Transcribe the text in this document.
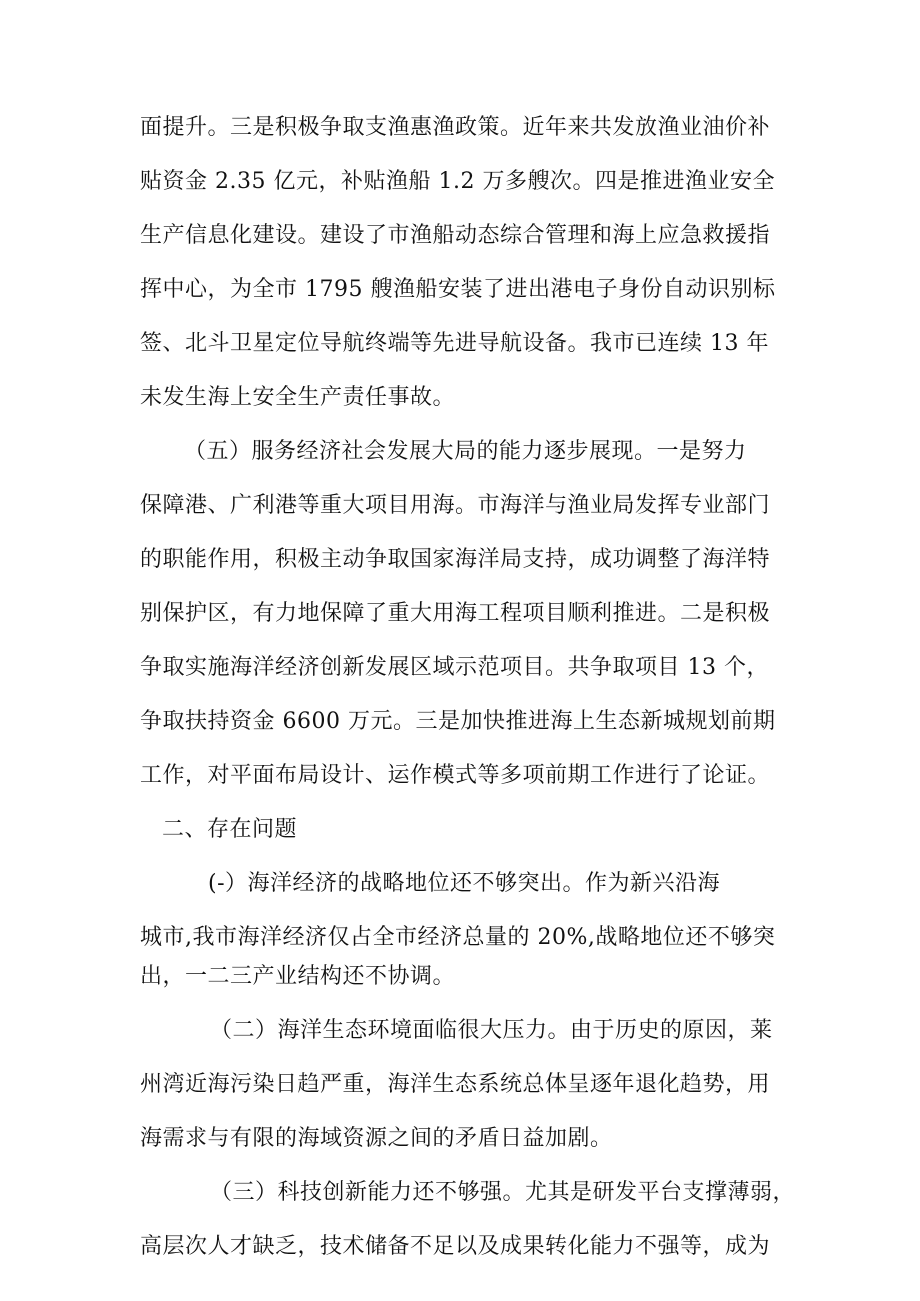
面提升。三是积极争取支渔惠渔政策。近年来共发放渔业油价补
贴资金 2.35 亿元，补贴渔船 1.2 万多艘次。四是推进渔业安全
生产信息化建设。建设了市渔船动态综合管理和海上应急救援指
挥中心，为全市 1795 艘渔船安装了进出港电子身份自动识别标
签、北斗卫星定位导航终端等先进导航设备。我市已连续 13 年
未发生海上安全生产责任事故。
（五）服务经济社会发展大局的能力逐步展现。一是努力
保障港、广利港等重大项目用海。市海洋与渔业局发挥专业部门
的职能作用，积极主动争取国家海洋局支持，成功调整了海洋特
别保护区，有力地保障了重大用海工程项目顺利推进。二是积极
争取实施海洋经济创新发展区域示范项目。共争取项目 13 个，
争取扶持资金 6600 万元。三是加快推进海上生态新城规划前期
工作，对平面布局设计、运作模式等多项前期工作进行了论证。
二、存在问题
(-）海洋经济的战略地位还不够突出。作为新兴沿海
城市,我市海洋经济仅占全市经济总量的 20%,战略地位还不够突
出，一二三产业结构还不协调。
（二）海洋生态环境面临很大压力。由于历史的原因，莱
州湾近海污染日趋严重，海洋生态系统总体呈逐年退化趋势，用
海需求与有限的海域资源之间的矛盾日益加剧。
（三）科技创新能力还不够强。尤其是研发平台支撑薄弱，
高层次人才缺乏，技术储备不足以及成果转化能力不强等，成为
